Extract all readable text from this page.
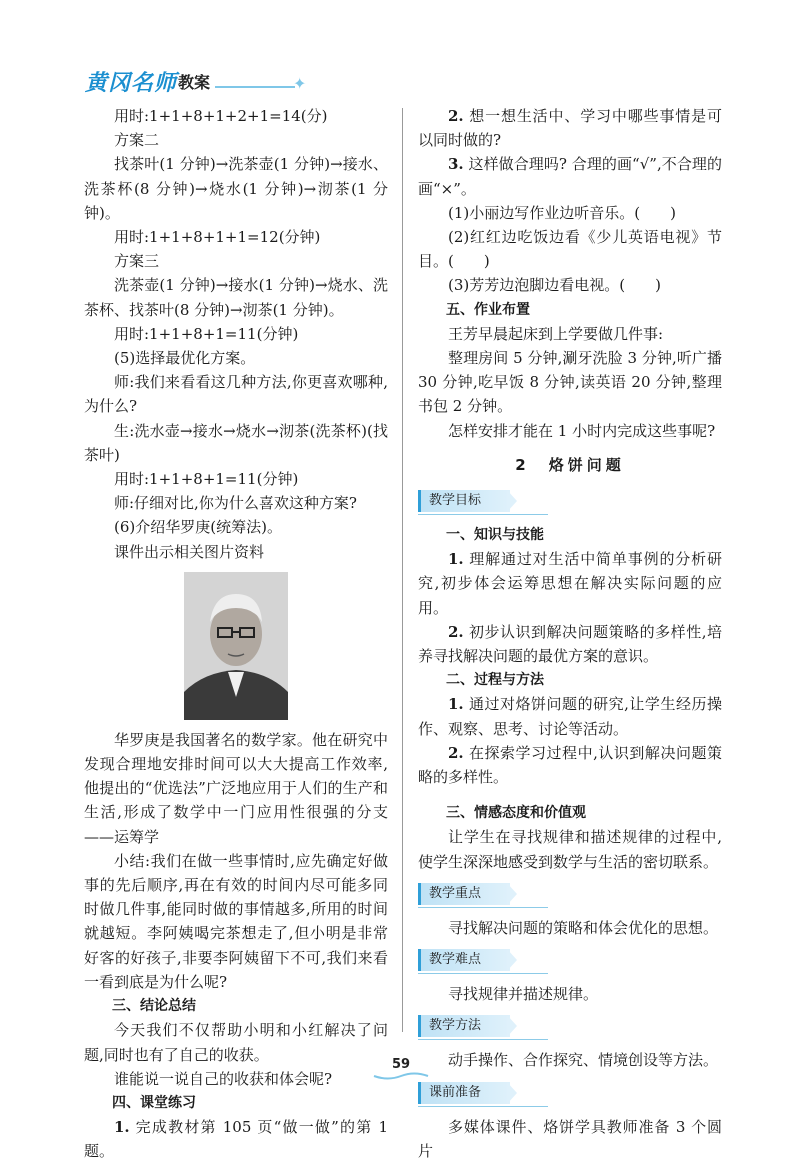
黄冈名师 教案	✦

用时:1+1+8+1+2+1=14(分)

方案二

找茶叶(1 分钟)→洗茶壶(1 分钟)→接水、洗茶杯(8 分钟)→烧水(1 分钟)→沏茶(1 分钟)。

用时:1+1+8+1+1=12(分钟)

方案三

洗茶壶(1 分钟)→接水(1 分钟)→烧水、洗茶杯、找茶叶(8 分钟)→沏茶(1 分钟)。

用时:1+1+8+1=11(分钟)

(5)选择最优化方案。

师:我们来看看这几种方法,你更喜欢哪种,为什么?

生:洗水壶→接水→烧水→沏茶(洗茶杯)(找茶叶)

用时:1+1+8+1=11(分钟)

师:仔细对比,你为什么喜欢这种方案?

(6)介绍华罗庚(统筹法)。

课件出示相关图片资料

华罗庚是我国著名的数学家。他在研究中发现合理地安排时间可以大大提高工作效率,他提出的“优选法”广泛地应用于人们的生产和生活,形成了数学中一门应用性很强的分支——运筹学

小结:我们在做一些事情时,应先确定好做事的先后顺序,再在有效的时间内尽可能多同时做几件事,能同时做的事情越多,所用的时间就越短。李阿姨喝完茶想走了,但小明是非常好客的好孩子,非要李阿姨留下不可,我们来看一看到底是为什么呢?

三、结论总结

今天我们不仅帮助小明和小红解决了问题,同时也有了自己的收获。

谁能说一说自己的收获和体会呢?

四、课堂练习

1. 完成教材第 105 页“做一做”的第 1 题。

2. 想一想生活中、学习中哪些事情是可以同时做的?

3. 这样做合理吗? 合理的画“√”,不合理的画“×”。

(1)小丽边写作业边听音乐。(　　)

(2)红红边吃饭边看《少儿英语电视》节目。(　　)

(3)芳芳边泡脚边看电视。(　　)

五、作业布置

王芳早晨起床到上学要做几件事:

整理房间 5 分钟,涮牙洗脸 3 分钟,听广播 30 分钟,吃早饭 8 分钟,读英语 20 分钟,整理书包 2 分钟。

怎样安排才能在 1 小时内完成这些事呢?

2　烙饼问题
教学目标

一、知识与技能

1. 理解通过对生活中简单事例的分析研究,初步体会运筹思想在解决实际问题的应用。

2. 初步认识到解决问题策略的多样性,培养寻找解决问题的最优方案的意识。

二、过程与方法

1. 通过对烙饼问题的研究,让学生经历操作、观察、思考、讨论等活动。

2. 在探索学习过程中,认识到解决问题策略的多样性。

三、情感态度和价值观

让学生在寻找规律和描述规律的过程中,使学生深深地感受到数学与生活的密切联系。

教学重点

寻找解决问题的策略和体会优化的思想。

教学难点

寻找规律并描述规律。

教学方法

动手操作、合作探究、情境创设等方法。

课前准备

多媒体课件、烙饼学具教师准备 3 个圆片

59
